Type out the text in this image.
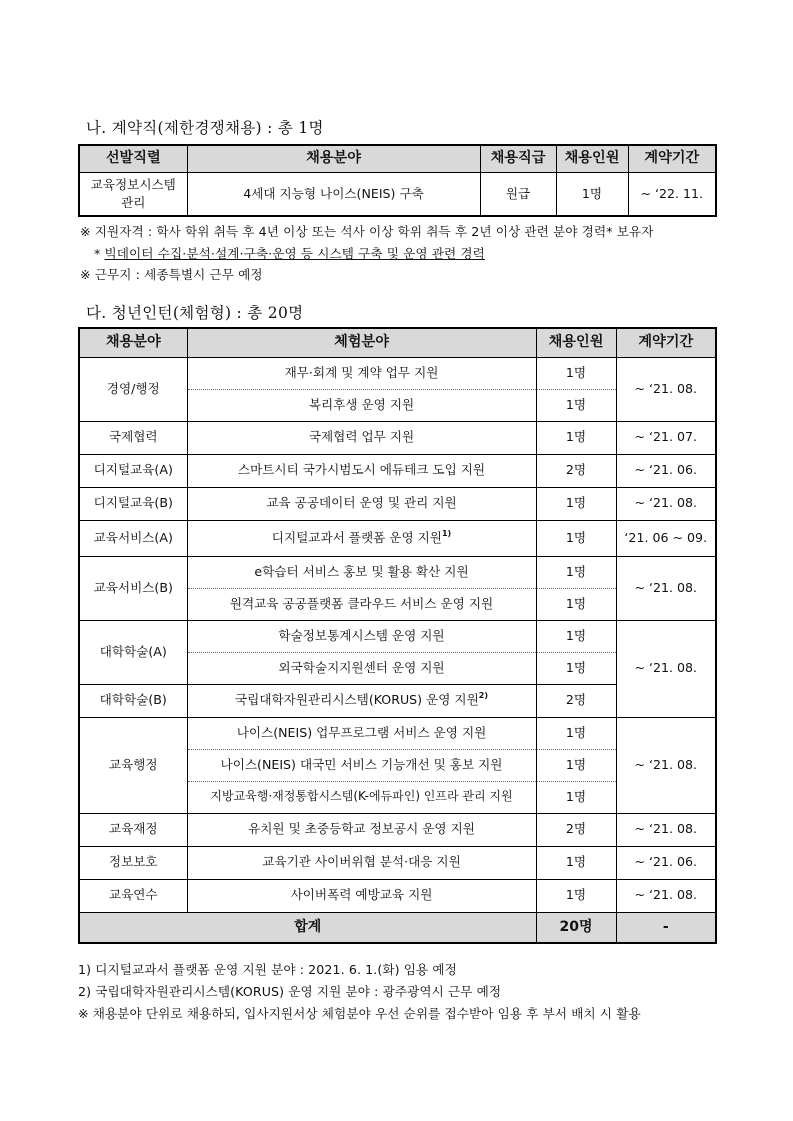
나. 계약직(제한경쟁채용) : 총 1명
선발직렬	채용분야	채용직급	채용인원	계약기간
교육정보시스템 관리	4세대 지능형 나이스(NEIS) 구축	원급	1명	~ ‘22. 11.
※ 지원자격 : 학사 학위 취득 후 4년 이상 또는 석사 이상 학위 취득 후 2년 이상 관련 분야 경력* 보유자
* 빅데이터 수집·분석·설계·구축·운영 등 시스템 구축 및 운영 관련 경력
※ 근무지 : 세종특별시 근무 예정
다. 청년인턴(체험형) : 총 20명
채용분야	체험분야	채용인원	계약기간
경영/행정	재무·회계 및 계약 업무 지원	1명	~ ‘21. 08.
	복리후생 운영 지원	1명	
국제협력	국제협력 업무 지원	1명	~ ‘21. 07.
디지털교육(A)	스마트시티 국가시범도시 에듀테크 도입 지원	2명	~ ‘21. 06.
디지털교육(B)	교육 공공데이터 운영 및 관리 지원	1명	~ ‘21. 08.
교육서비스(A)	디지털교과서 플랫폼 운영 지원$^{1)}$	1명	‘21. 06 ~ 09.
교육서비스(B)	e학습터 서비스 홍보 및 활용 확산 지원	1명	~ ‘21. 08.
	원격교육 공공플랫폼 클라우드 서비스 운영 지원	1명	
대학학술(A)	학술정보통계시스템 운영 지원	1명	~ ‘21. 08.
	외국학술지지원센터 운영 지원	1명	
대학학술(B)	국립대학자원관리시스템(KORUS) 운영 지원$^{2)}$	2명	
교육행정	나이스(NEIS) 업무프로그램 서비스 운영 지원	1명	~ ‘21. 08.
	나이스(NEIS) 대국민 서비스 기능개선 및 홍보 지원	1명	
	지방교육행·재정통합시스템(K-에듀파인) 인프라 관리 지원	1명	
교육재정	유치원 및 초중등학교 정보공시 운영 지원	2명	~ ‘21. 08.
정보보호	교육기관 사이버위협 분석·대응 지원	1명	~ ‘21. 06.
교육연수	사이버폭력 예방교육 지원	1명	~ ‘21. 08.
합계		20명	-
1) 디지털교과서 플랫폼 운영 지원 분야 : 2021. 6. 1.(화) 임용 예정
2) 국립대학자원관리시스템(KORUS) 운영 지원 분야 : 광주광역시 근무 예정
※ 채용분야 단위로 채용하되, 입사지원서상 체험분야 우선 순위를 접수받아 임용 후 부서 배치 시 활용
